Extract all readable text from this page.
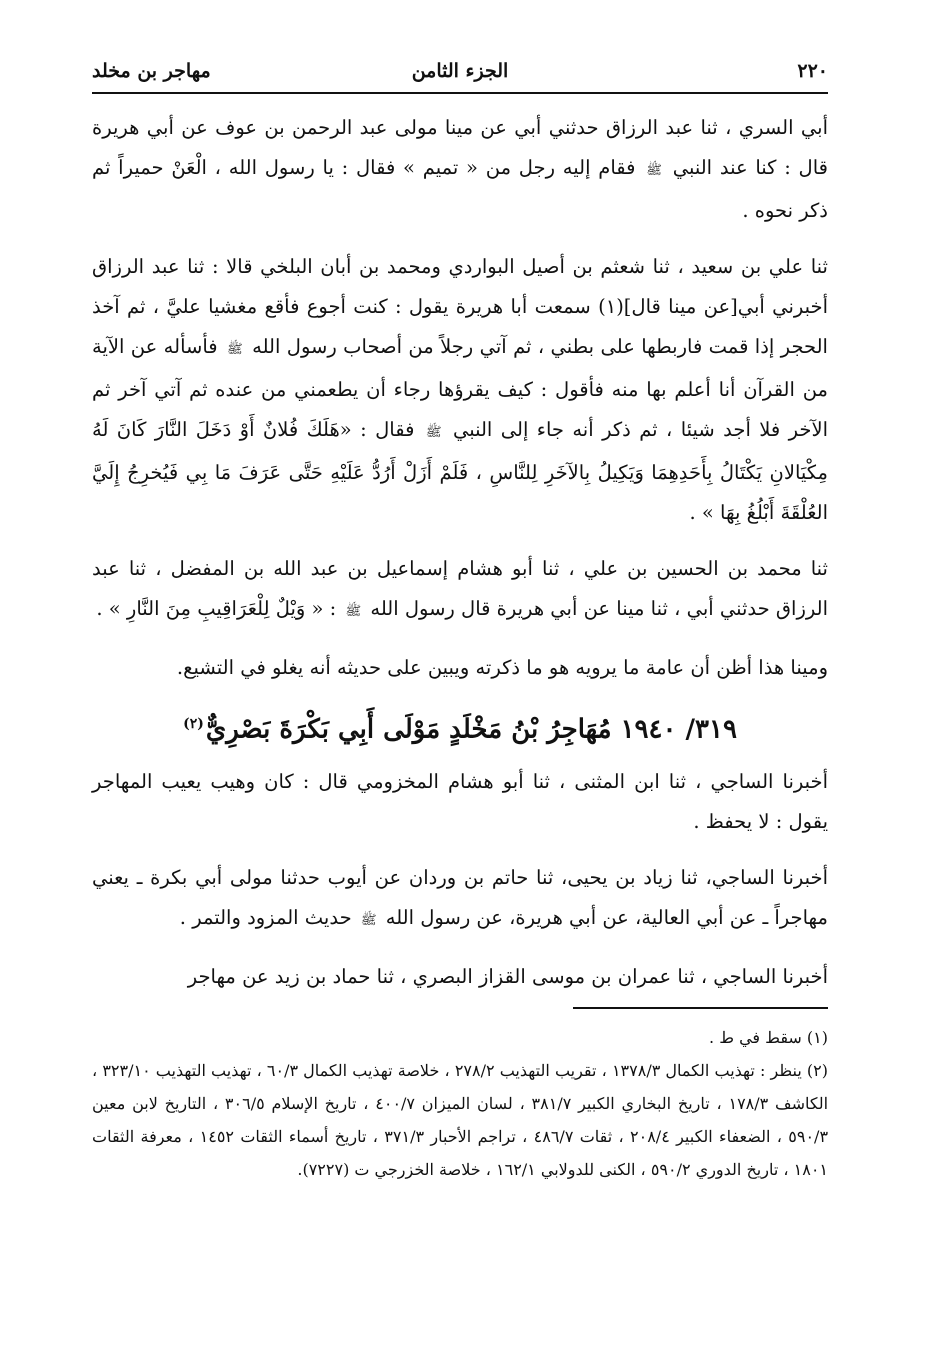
٢٢٠
الجزء الثامن
مهاجر بن مخلد

أبي السري ، ثنا عبد الرزاق حدثني أبي عن مينا مولى عبد الرحمن بن عوف عن أبي هريرة قال : كنا عند النبي ﷺ فقام إليه رجل من « تميم » فقال : يا رسول الله ، الْعَنْ حميراً ثم ذكر نحوه .

ثنا علي بن سعيد ، ثنا شعثم بن أصيل البواردي ومحمد بن أبان البلخي قالا : ثنا عبد الرزاق أخبرني أبي[عن مينا قال](١) سمعت أبا هريرة يقول : كنت أجوع فأقع مغشيا عليَّ ، ثم آخذ الحجر إذا قمت فاربطها على بطني ، ثم آتي رجلاً من أصحاب رسول الله ﷺ فأسأله عن الآية من القرآن أنا أعلم بها منه فأقول : كيف يقرؤها رجاء أن يطعمني من عنده ثم آتي آخر ثم الآخر فلا أجد شيئا ، ثم ذكر أنه جاء إلى النبي ﷺ فقال : «هَلَكَ فُلانٌ أَوْ دَخَلَ النَّارَ كَانَ لَهُ مِكْيَالانِ يَكْتَالُ بِأَحَدِهِمَا وَيَكِيلُ بِالآخَرِ لِلنَّاسِ ، فَلَمْ أَزَلْ أَرُدُّ عَلَيْهِ حَتَّى عَرَفَ مَا بِي فَيُخرِجُ إِلَيَّ العُلْقَةَ أَبْلُغُ بِهَا » .

ثنا محمد بن الحسين بن علي ، ثنا أبو هشام إسماعيل بن عبد الله بن المفضل ، ثنا عبد الرزاق حدثني أبي ، ثنا مينا عن أبي هريرة قال رسول الله ﷺ : « وَيْلٌ لِلْعَرَاقِيبِ مِنَ النَّارِ » .

ومينا هذا أظن أن عامة ما يرويه هو ما ذكرته ويبين على حديثه أنه يغلو في التشيع.

٣١٩/ ١٩٤٠ مُهَاجِرُ بْنُ مَخْلَدٍ مَوْلَى أَبِي بَكْرَةَ بَصْرِيٌّ$^{(٢)}$

أخبرنا الساجي ، ثنا ابن المثنى ، ثنا أبو هشام المخزومي قال : كان وهيب يعيب المهاجر يقول : لا يحفظ .

أخبرنا الساجي، ثنا زياد بن يحيى، ثنا حاتم بن وردان عن أيوب حدثنا مولى أبي بكرة ـ يعني مهاجراً ـ عن أبي العالية، عن أبي هريرة، عن رسول الله ﷺ حديث المزود والتمر .

أخبرنا الساجي ، ثنا عمران بن موسى القزاز البصري ، ثنا حماد بن زيد عن مهاجر

(١) سقط في ط .

(٢) ينظر : تهذيب الكمال ١٣٧٨/٣ ، تقريب التهذيب ٢٧٨/٢ ، خلاصة تهذيب الكمال ٦٠/٣ ، تهذيب التهذيب ٣٢٣/١٠ ، الكاشف ١٧٨/٣ ، تاريخ البخاري الكبير ٣٨١/٧ ، لسان الميزان ٤٠٠/٧ ، تاريخ الإسلام ٣٠٦/٥ ، التاريخ لابن معين ٥٩٠/٣ ، الضعفاء الكبير ٢٠٨/٤ ، ثقات ٤٨٦/٧ ، تراجم الأحبار ٣٧١/٣ ، تاريخ أسماء الثقات ١٤٥٢ ، معرفة الثقات ١٨٠١ ، تاريخ الدوري ٥٩٠/٢ ، الكنى للدولابي ١٦٢/١ ، خلاصة الخزرجي ت (٧٢٢٧).
